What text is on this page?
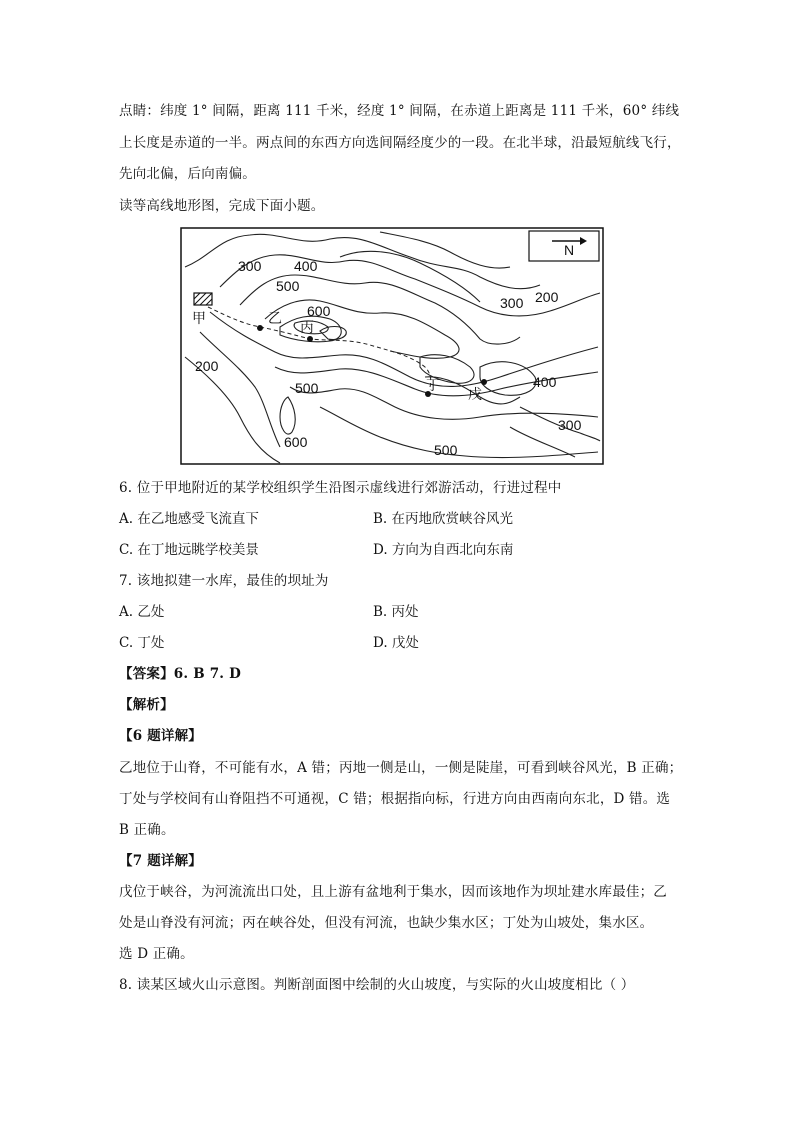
点睛：纬度 1° 间隔，距离 111 千米，经度 1° 间隔，在赤道上距离是 111 千米，60° 纬线
上长度是赤道的一半。两点间的东西方向选间隔经度少的一段。在北半球，沿最短航线飞行，
先向北偏，后向南偏。
读等高线地形图，完成下面小题。
N
300 400
500
600	300 200
200
500	400
300
600	500
甲	乙
丙
丁
戊
6. 位于甲地附近的某学校组织学生沿图示虚线进行郊游活动，行进过程中
A. 在乙地感受飞流直下	B. 在丙地欣赏峡谷风光
C. 在丁地远眺学校美景	D. 方向为自西北向东南
7. 该地拟建一水库，最佳的坝址为
A. 乙处	B. 丙处
C. 丁处	D. 戊处
【答案】6. B 7. D
【解析】
【6 题详解】
乙地位于山脊，不可能有水，A 错；丙地一侧是山，一侧是陡崖，可看到峡谷风光，B 正确；
丁处与学校间有山脊阻挡不可通视，C 错；根据指向标，行进方向由西南向东北，D 错。选
B 正确。
【7 题详解】
戊位于峡谷，为河流流出口处，且上游有盆地利于集水，因而该地作为坝址建水库最佳；乙
处是山脊没有河流；丙在峡谷处，但没有河流，也缺少集水区；丁处为山坡处，集水区。
选 D 正确。
8. 读某区域火山示意图。判断剖面图中绘制的火山坡度，与实际的火山坡度相比（ ）
